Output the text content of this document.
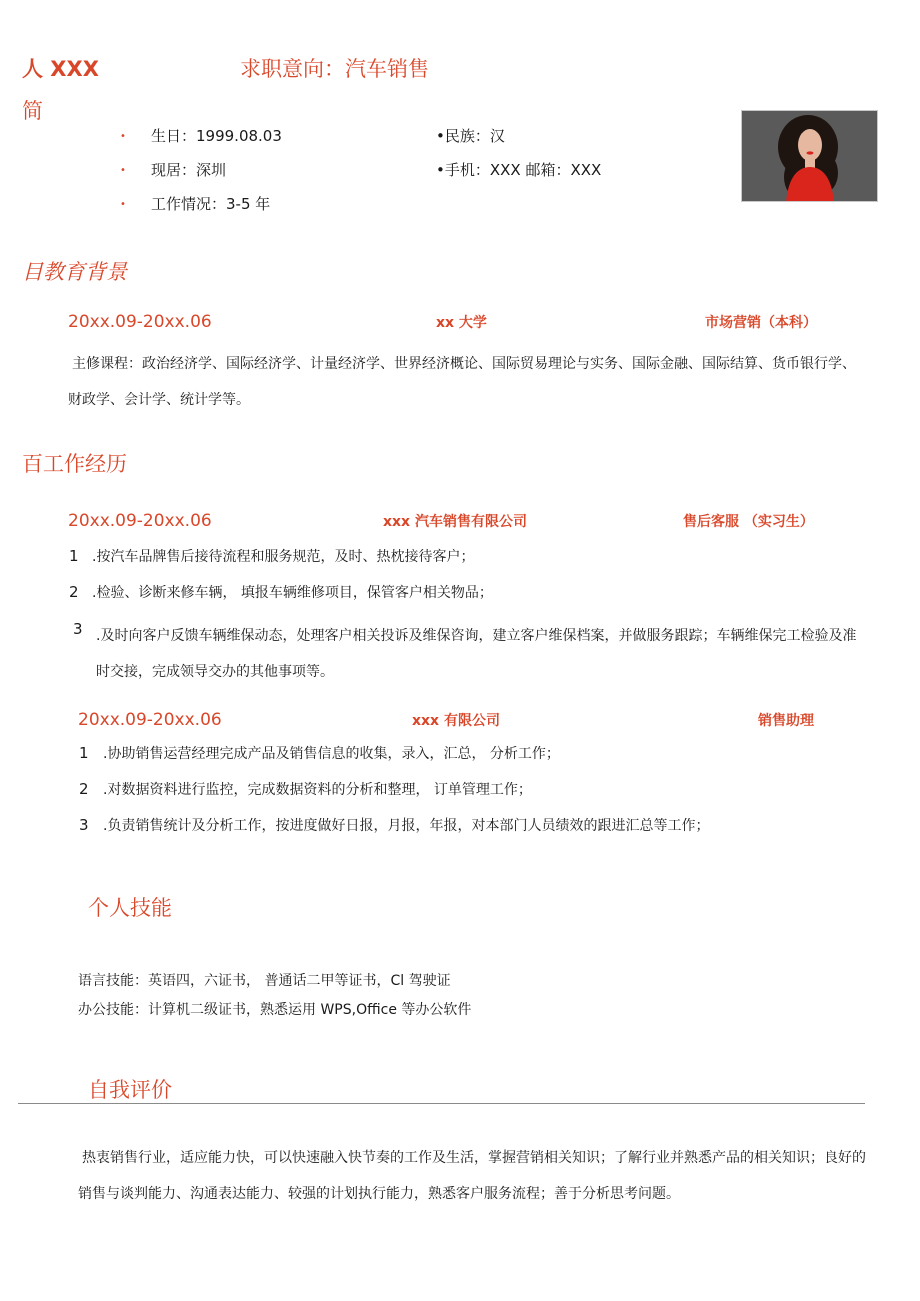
人 XXX	求职意向：汽车销售
简
• 生日：1999.08.03	•民族：汉
• 现居：深圳	•手机：XXX 邮箱：XXX
• 工作情况：3-5 年
目教育背景
20xx.09-20xx.06	xx 大学	市场营销（本科）
主修课程：政治经济学、国际经济学、计量经济学、世界经济概论、国际贸易理论与实务、国际金融、国际结算、货币银行学、财政学、会计学、统计学等。
百工作经历
20xx.09-20xx.06	xxx 汽车销售有限公司	售后客服 （实习生）
1 .按汽车品牌售后接待流程和服务规范，及时、热枕接待客户；
2 .检验、诊断来修车辆， 填报车辆维修项目，保管客户相关物品；
3 .及时向客户反馈车辆维保动态，处理客户相关投诉及维保咨询，建立客户维保档案，并做服务跟踪；车辆维保完工检验及准时交接，完成领导交办的其他事项等。
20xx.09-20xx.06	xxx 有限公司	销售助理
1 .协助销售运营经理完成产品及销售信息的收集，录入，汇总， 分析工作；
2 .对数据资料进行监控，完成数据资料的分析和整理， 订单管理工作；
3 .负责销售统计及分析工作，按进度做好日报，月报，年报，对本部门人员绩效的跟进汇总等工作；
个人技能
语言技能：英语四，六证书， 普通话二甲等证书，Cl 驾驶证
办公技能：计算机二级证书，熟悉运用 WPS,Office 等办公软件
自我评价
热衷销售行业，适应能力快，可以快速融入快节奏的工作及生活，掌握营销相关知识；了解行业并熟悉产品的相关知识；良好的销售与谈判能力、沟通表达能力、较强的计划执行能力，熟悉客户服务流程；善于分析思考问题。
